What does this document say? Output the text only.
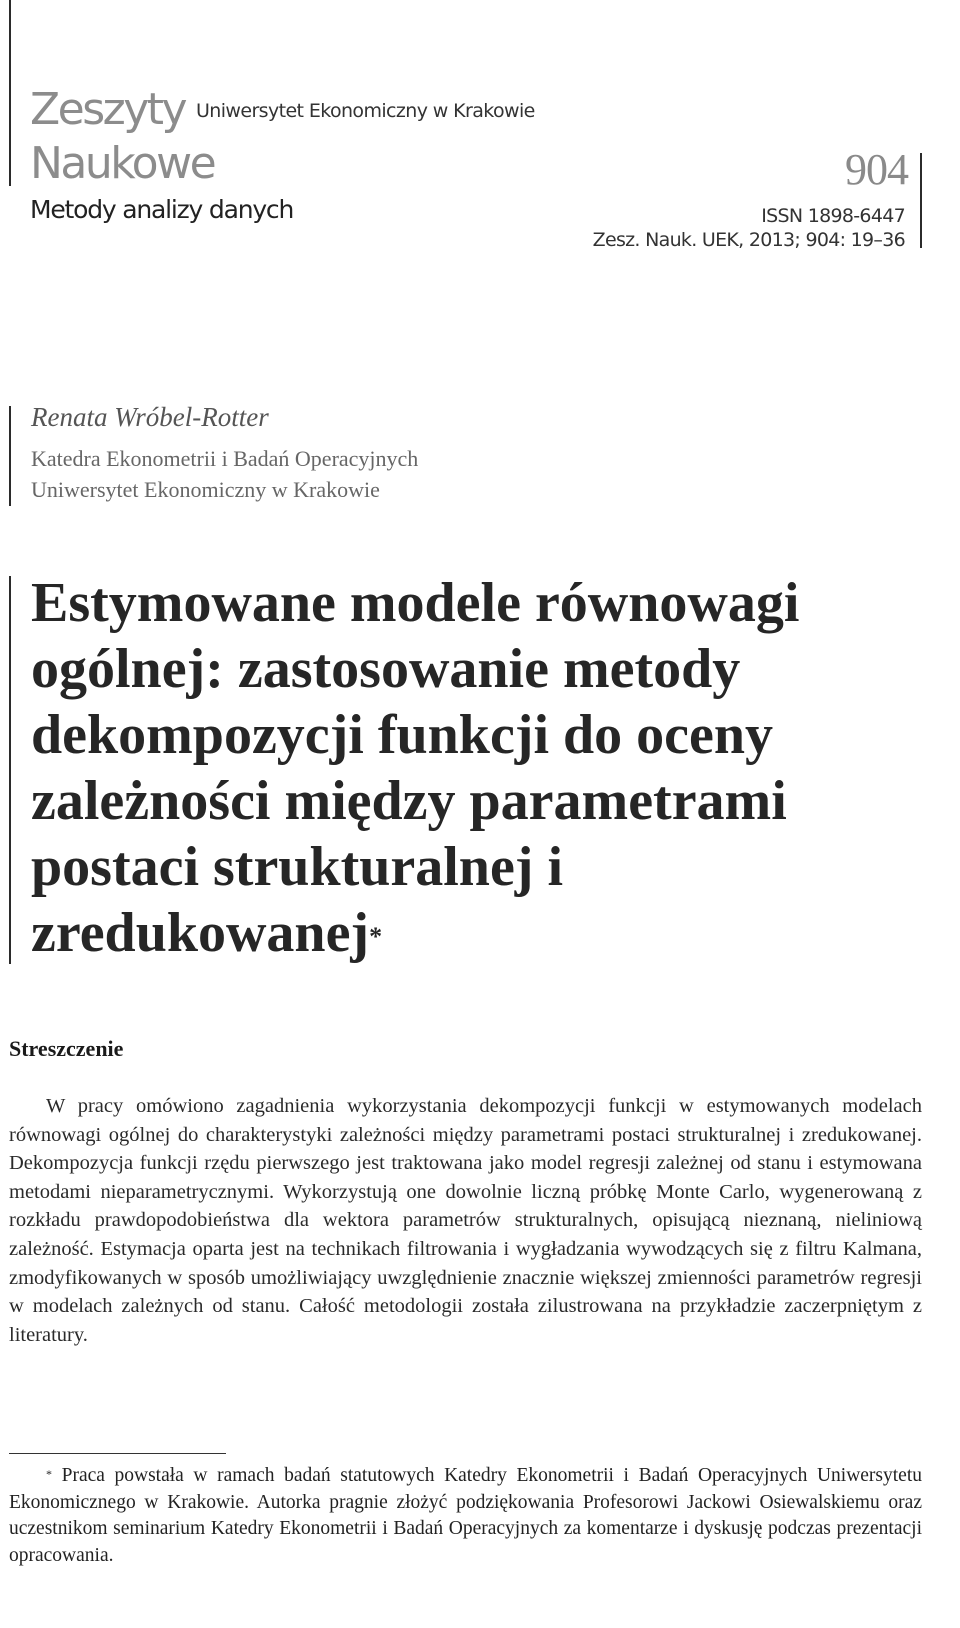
Zeszyty Uniwersytet Ekonomiczny w Krakowie
Naukowe
Metody analizy danych
904
ISSN 1898-6447
Zesz. Nauk. UEK, 2013; 904: 19–36
Renata Wróbel-Rotter
Katedra Ekonometrii i Badań Operacyjnych
Uniwersytet Ekonomiczny w Krakowie
Estymowane modele równowagi ogólnej: zastosowanie metody dekompozycji funkcji do oceny zależności między parametrami postaci strukturalnej i zredukowanej*
Streszczenie

W pracy omówiono zagadnienia wykorzystania dekompozycji funkcji w estymowanych modelach równowagi ogólnej do charakterystyki zależności między parametrami postaci strukturalnej i zredukowanej. Dekompozycja funkcji rzędu pierwszego jest traktowana jako model regresji zależnej od stanu i estymowana metodami nieparametrycznymi. Wykorzystują one dowolnie liczną próbkę Monte Carlo, wygenerowaną z rozkładu prawdopodobieństwa dla wektora parametrów strukturalnych, opisującą nieznaną, nieliniową zależność. Estymacja oparta jest na technikach filtrowania i wygładzania wywodzących się z filtru Kalmana, zmodyfikowanych w sposób umożliwiający uwzględnienie znacznie większej zmienności parametrów regresji w modelach zależnych od stanu. Całość metodologii została zilustrowana na przykładzie zaczerpniętym z literatury.

* Praca powstała w ramach badań statutowych Katedry Ekonometrii i Badań Operacyjnych Uniwersytetu Ekonomicznego w Krakowie. Autorka pragnie złożyć podziękowania Profesorowi Jackowi Osiewalskiemu oraz uczestnikom seminarium Katedry Ekonometrii i Badań Operacyjnych za komentarze i dyskusję podczas prezentacji opracowania.
